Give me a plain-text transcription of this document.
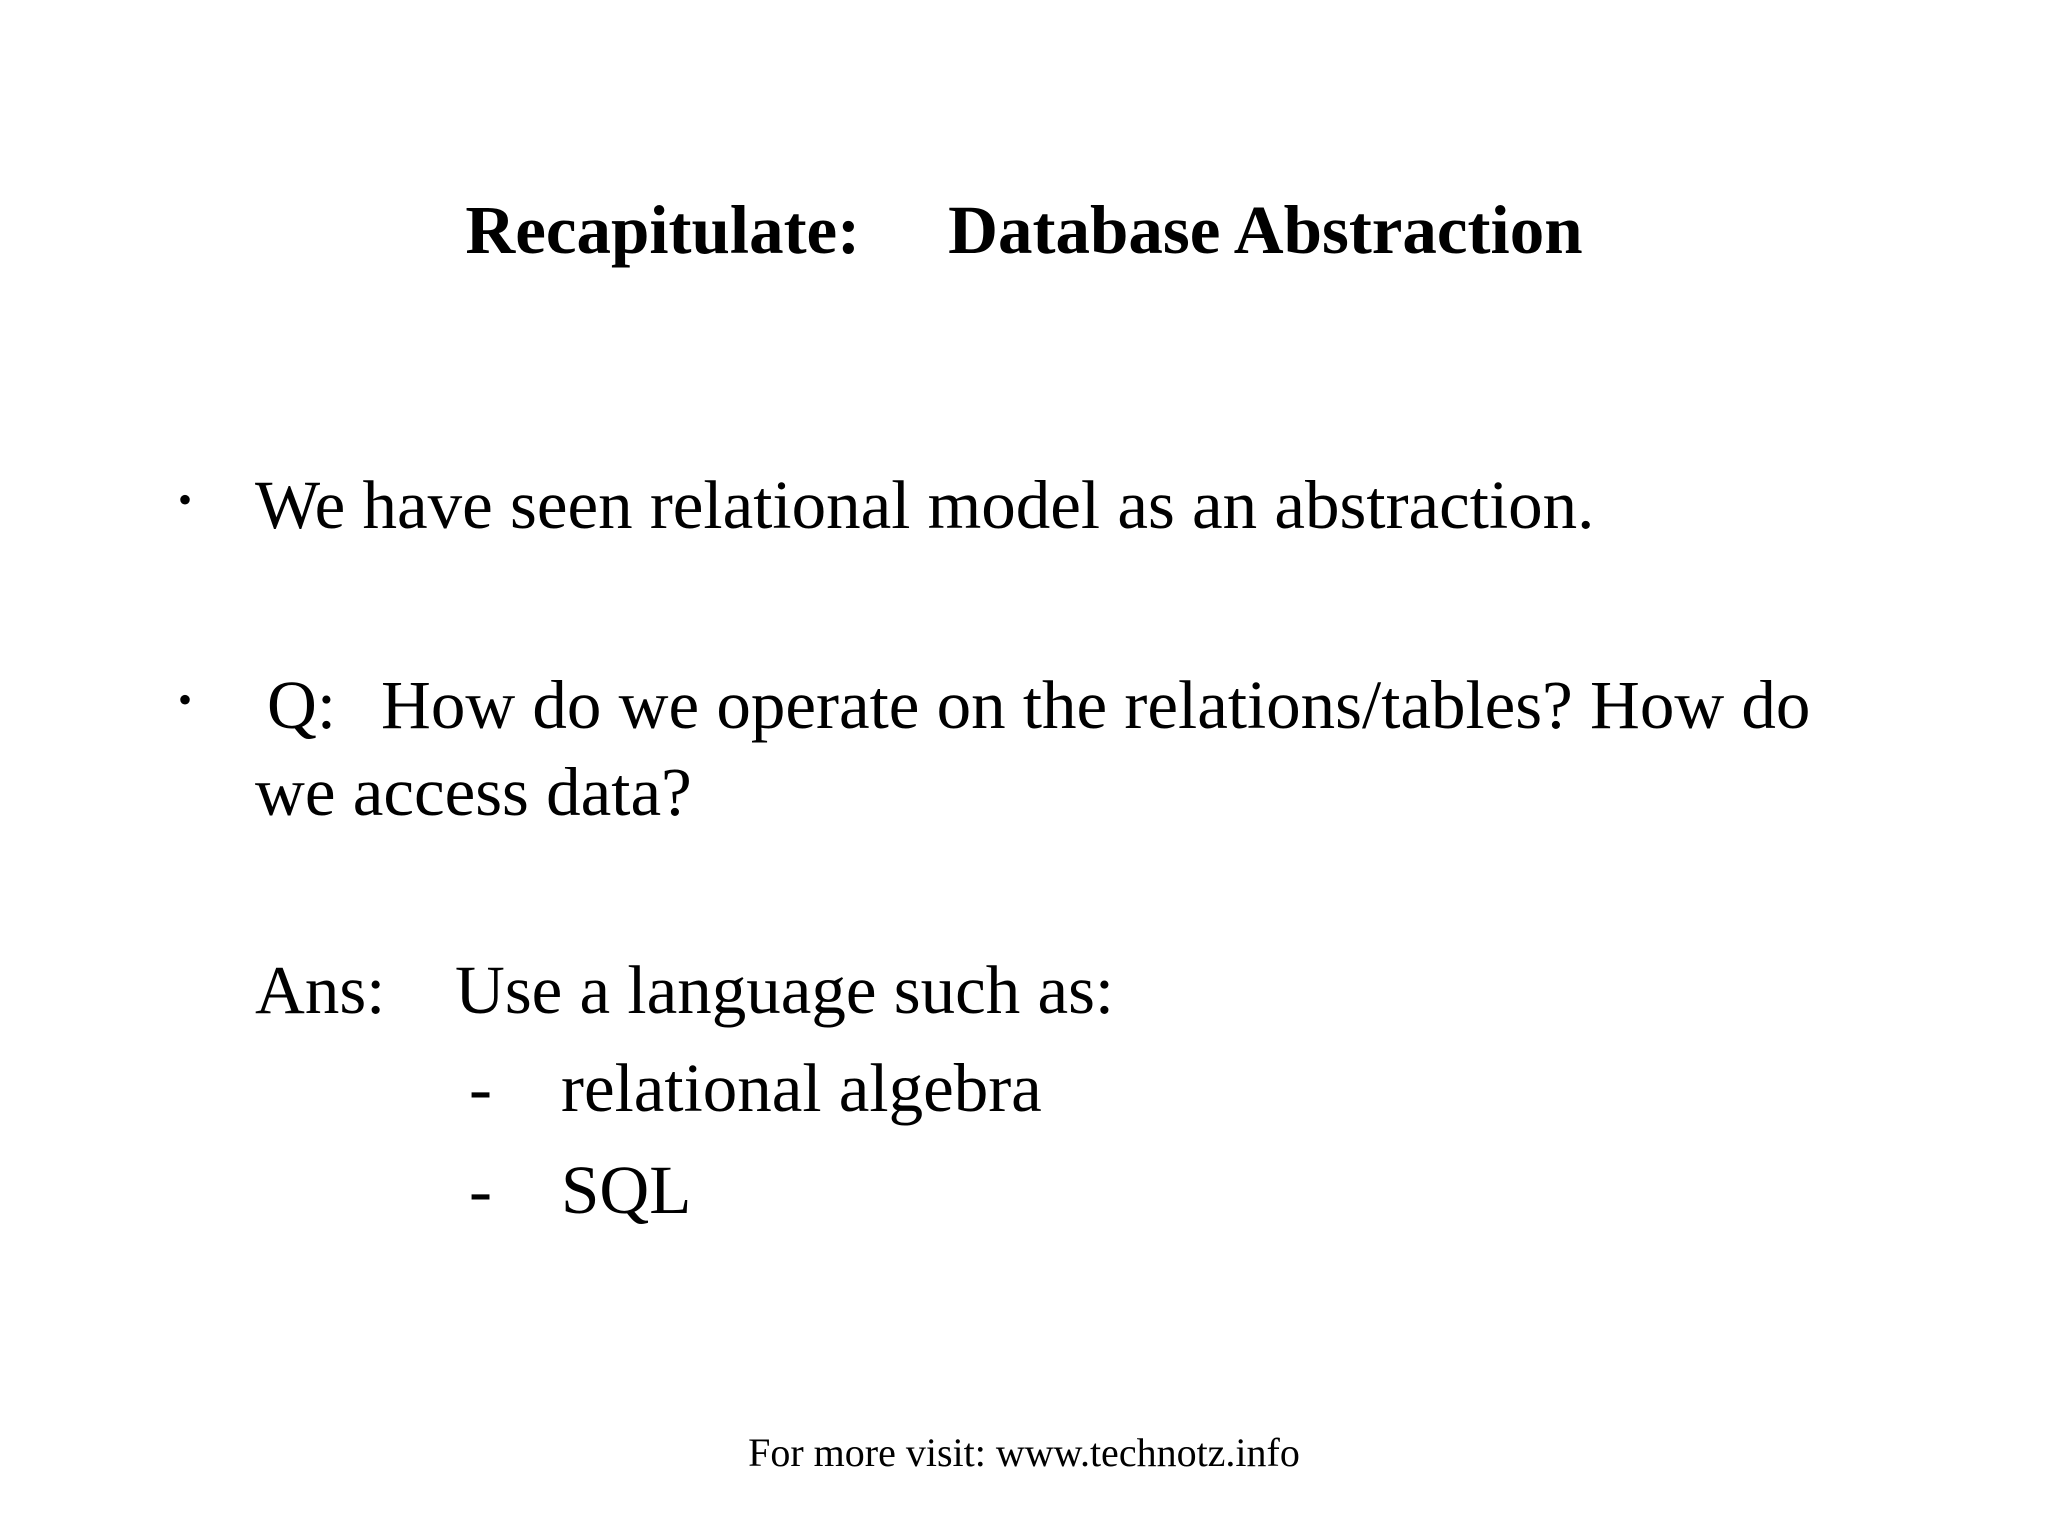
Recapitulate: Database Abstraction
• We have seen relational model as an abstraction.
• Q: How do we operate on the relations/tables? How do
we access data?
Ans: Use a language such as:
- relational algebra
- SQL
For more visit: www.technotz.info
